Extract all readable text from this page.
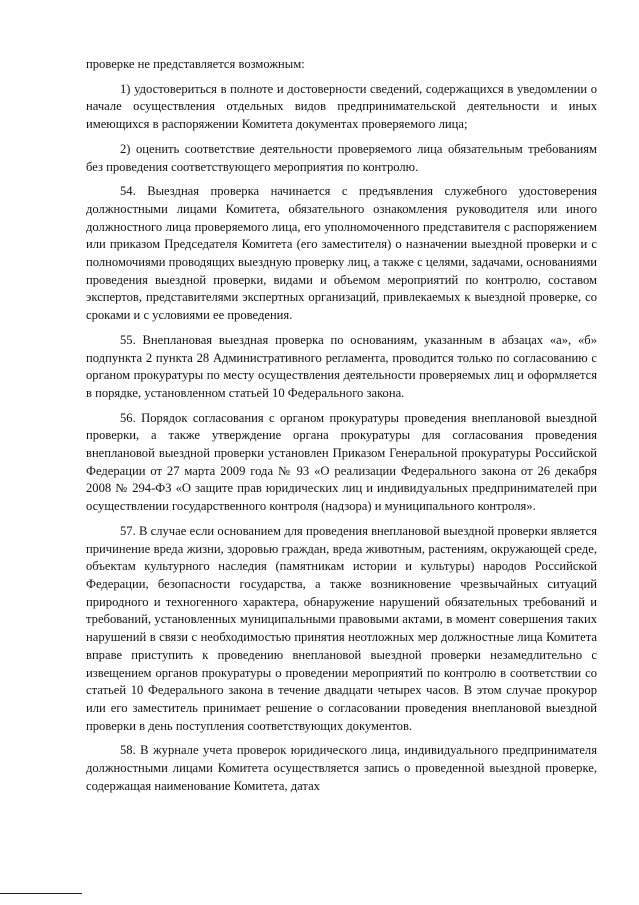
проверке не представляется возможным:

1) удостовериться в полноте и достоверности сведений, содержащихся в уведомлении о начале осуществления отдельных видов предпринимательской деятельности и иных имеющихся в распоряжении Комитета документах проверяемого лица;

2) оценить соответствие деятельности проверяемого лица обязательным требованиям без проведения соответствующего мероприятия по контролю.

54. Выездная проверка начинается с предъявления служебного удостоверения должностными лицами Комитета, обязательного ознакомления руководителя или иного должностного лица проверяемого лица, его уполномоченного представителя с распоряжением или приказом Председателя Комитета (его заместителя) о назначении выездной проверки и с полномочиями проводящих выездную проверку лиц, а также с целями, задачами, основаниями проведения выездной проверки, видами и объемом мероприятий по контролю, составом экспертов, представителями экспертных организаций, привлекаемых к выездной проверке, со сроками и с условиями ее проведения.

55. Внеплановая выездная проверка по основаниям, указанным в абзацах «а», «б» подпункта 2 пункта 28 Административного регламента, проводится только по согласованию с органом прокуратуры по месту осуществления деятельности проверяемых лиц и оформляется в порядке, установленном статьей 10 Федерального закона.

56. Порядок согласования с органом прокуратуры проведения внеплановой выездной проверки, а также утверждение органа прокуратуры для согласования проведения внеплановой выездной проверки установлен Приказом Генеральной прокуратуры Российской Федерации от 27 марта 2009 года № 93 «О реализации Федерального закона от 26 декабря 2008 № 294-ФЗ «О защите прав юридических лиц и индивидуальных предпринимателей при осуществлении государственного контроля (надзора) и муниципального контроля».

57. В случае если основанием для проведения внеплановой выездной проверки является причинение вреда жизни, здоровью граждан, вреда животным, растениям, окружающей среде, объектам культурного наследия (памятникам истории и культуры) народов Российской Федерации, безопасности государства, а также возникновение чрезвычайных ситуаций природного и техногенного характера, обнаружение нарушений обязательных требований и требований, установленных муниципальными правовыми актами, в момент совершения таких нарушений в связи с необходимостью принятия неотложных мер должностные лица Комитета вправе приступить к проведению внеплановой выездной проверки незамедлительно с извещением органов прокуратуры о проведении мероприятий по контролю в соответствии со статьей 10 Федерального закона в течение двадцати четырех часов. В этом случае прокурор или его заместитель принимает решение о согласовании проведения внеплановой выездной проверки в день поступления соответствующих документов.

58. В журнале учета проверок юридического лица, индивидуального предпринимателя должностными лицами Комитета осуществляется запись о проведенной выездной проверке, содержащая наименование Комитета, датах
